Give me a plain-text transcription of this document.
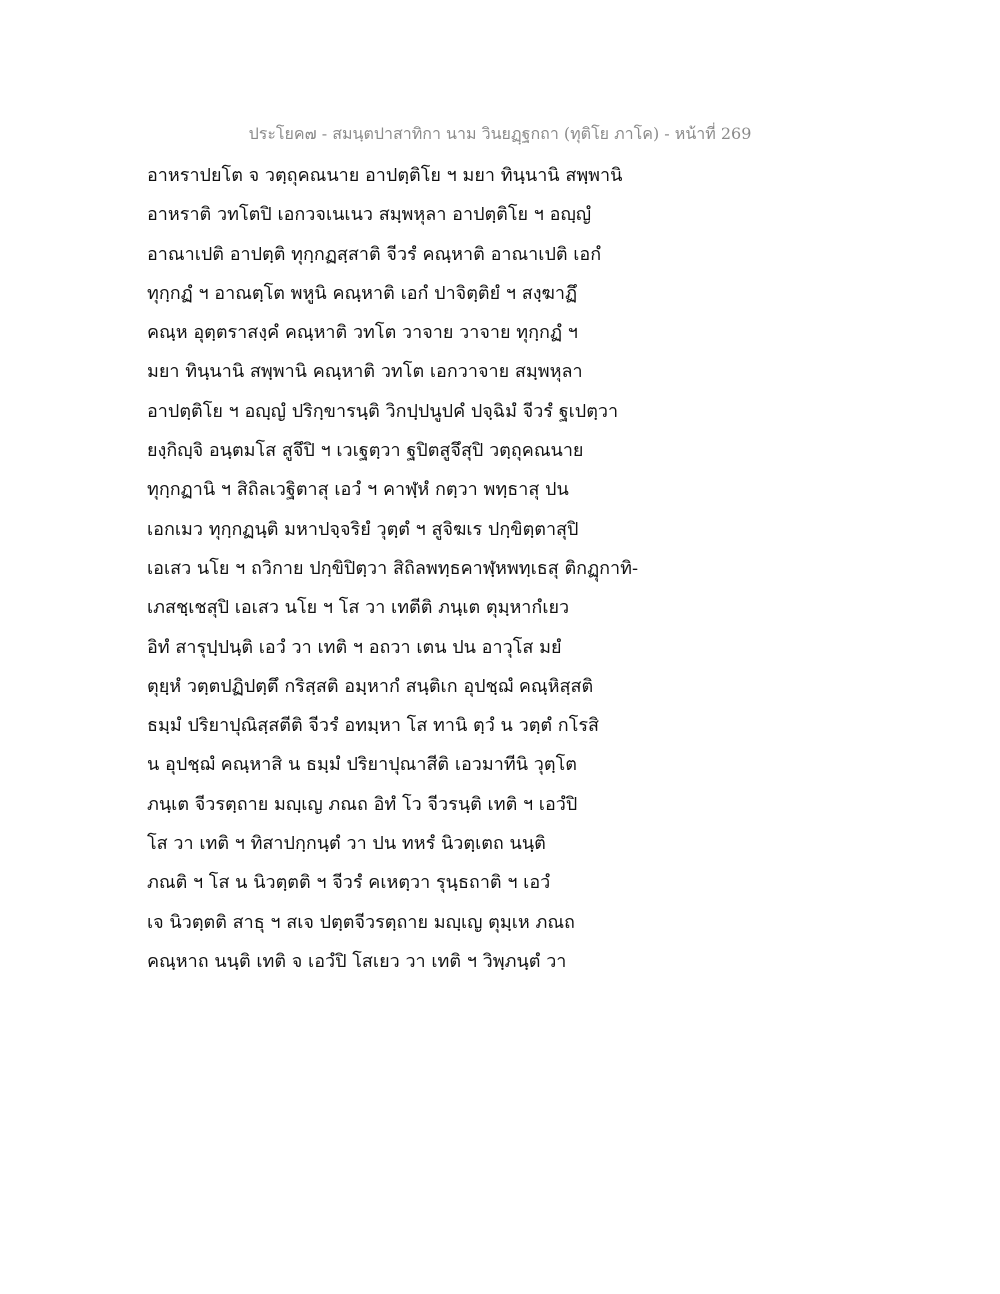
ประโยค๗ - สมนฺตปาสาทิกา นาม วินยฏฺฐกถา (ทุติโย ภาโค) - หน้าที่ 269
อาหราปยโต จ วตฺถุคณนาย อาปตฺติโย ฯ มยา ทินฺนานิ สพฺพานิ
อาหราติ วทโตปิ เอกวจเนเนว สมฺพหุลา อาปตฺติโย ฯ อญฺญํ
อาณาเปติ อาปตฺติ ทุกฺกฏสฺสาติ จีวรํ คณฺหาติ อาณาเปติ เอกํ
ทุกฺกฏํ ฯ อาณตฺโต พหูนิ คณฺหาติ เอกํ ปาจิตฺติยํ ฯ สงฺฆาฏึ
คณฺห อุตฺตราสงฺคํ คณฺหาติ วทโต วาจาย วาจาย ทุกฺกฏํ ฯ
มยา ทินฺนานิ สพฺพานิ คณฺหาติ วทโต เอกวาจาย สมฺพหุลา
อาปตฺติโย ฯ อญฺญํ ปริกฺขารนฺติ วิกปฺปนูปคํ ปจฺฉิมํ จีวรํ ฐเปตฺวา
ยงฺกิญฺจิ อนฺตมโส สูจึปิ ฯ เวเฐตฺวา ฐปิตสูจึสุปิ วตฺถุคณนาย
ทุกฺกฏานิ ฯ สิถิลเวฐิตาสุ เอวํ ฯ คาฬฺหํ กตฺวา พทฺธาสุ ปน
เอกเมว ทุกฺกฏนฺติ มหาปจฺจริยํ วุตฺตํ ฯ สูจิฆเร ปกฺขิตฺตาสุปิ
เอเสว นโย ฯ ถวิกาย ปกฺขิปิตฺวา สิถิลพทฺธคาฬฺหพทฺเธสุ ติกฏุกาทิ-
เภสชฺเชสุปิ เอเสว นโย ฯ โส วา เทตีติ ภนฺเต ตุมฺหากํเยว
อิทํ สารุปฺปนฺติ เอวํ วา เทติ ฯ อถวา เตน ปน อาวุโส มยํ
ตุยฺหํ วตฺตปฏิปตฺตึ กริสฺสติ อมฺหากํ สนฺติเก อุปชฺฌํ คณฺหิสฺสติ
ธมฺมํ ปริยาปุณิสฺสตีติ จีวรํ อทมฺหา โส ทานิ ตฺวํ น วตฺตํ กโรสิ
น อุปชฺฌํ คณฺหาสิ น ธมฺมํ ปริยาปุณาสีติ เอวมาทีนิ วุตฺโต
ภนฺเต จีวรตฺถาย มญฺเญ ภณถ อิทํ โว จีวรนฺติ เทติ ฯ เอวํปิ
โส วา เทติ ฯ ทิสาปกฺกนฺตํ วา ปน ทหรํ นิวตฺเตถ นนฺติ
ภณติ ฯ โส น นิวตฺตติ ฯ จีวรํ คเหตฺวา รุนฺธถาติ ฯ เอวํ
เจ นิวตฺตติ สาธุ ฯ สเจ ปตฺตจีวรตฺถาย มญฺเญ ตุมฺเห ภณถ
คณฺหาถ นนฺติ เทติ จ เอวํปิ โสเยว วา เทติ ฯ วิพฺภนฺตํ วา
